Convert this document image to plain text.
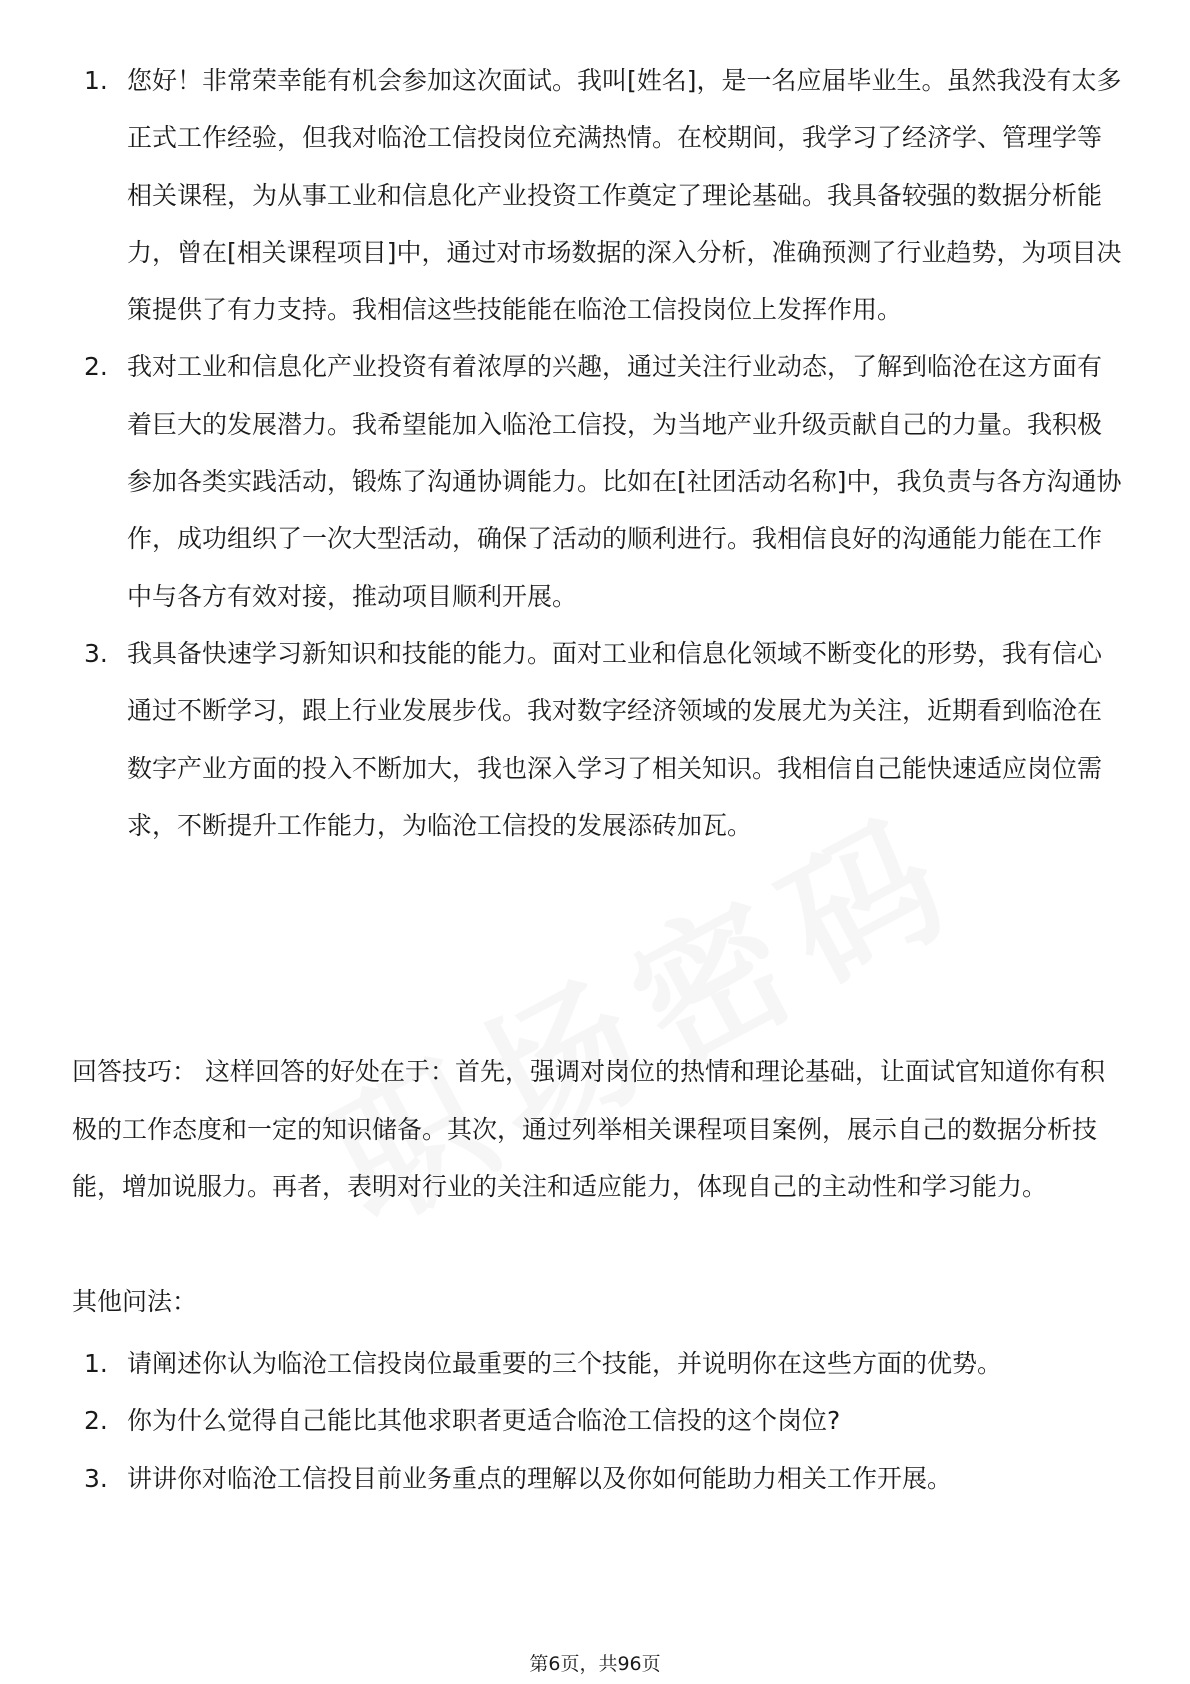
1. 您好！非常荣幸能有机会参加这次面试。我叫[姓名]，是一名应届毕业生。虽然我没有太多正式工作经验，但我对临沧工信投岗位充满热情。在校期间，我学习了经济学、管理学等相关课程，为从事工业和信息化产业投资工作奠定了理论基础。我具备较强的数据分析能力，曾在[相关课程项目]中，通过对市场数据的深入分析，准确预测了行业趋势，为项目决策提供了有力支持。我相信这些技能能在临沧工信投岗位上发挥作用。
2. 我对工业和信息化产业投资有着浓厚的兴趣，通过关注行业动态，了解到临沧在这方面有着巨大的发展潜力。我希望能加入临沧工信投，为当地产业升级贡献自己的力量。我积极参加各类实践活动，锻炼了沟通协调能力。比如在[社团活动名称]中，我负责与各方沟通协作，成功组织了一次大型活动，确保了活动的顺利进行。我相信良好的沟通能力能在工作中与各方有效对接，推动项目顺利开展。
3. 我具备快速学习新知识和技能的能力。面对工业和信息化领域不断变化的形势，我有信心通过不断学习，跟上行业发展步伐。我对数字经济领域的发展尤为关注，近期看到临沧在数字产业方面的投入不断加大，我也深入学习了相关知识。我相信自己能快速适应岗位需求，不断提升工作能力，为临沧工信投的发展添砖加瓦。

回答技巧： 这样回答的好处在于：首先，强调对岗位的热情和理论基础，让面试官知道你有积极的工作态度和一定的知识储备。其次，通过列举相关课程项目案例，展示自己的数据分析技能，增加说服力。再者，表明对行业的关注和适应能力，体现自己的主动性和学习能力。

其他问法：

1. 请阐述你认为临沧工信投岗位最重要的三个技能，并说明你在这些方面的优势。
2. 你为什么觉得自己能比其他求职者更适合临沧工信投的这个岗位?
3. 讲讲你对临沧工信投目前业务重点的理解以及你如何能助力相关工作开展。
第6页，共96页
